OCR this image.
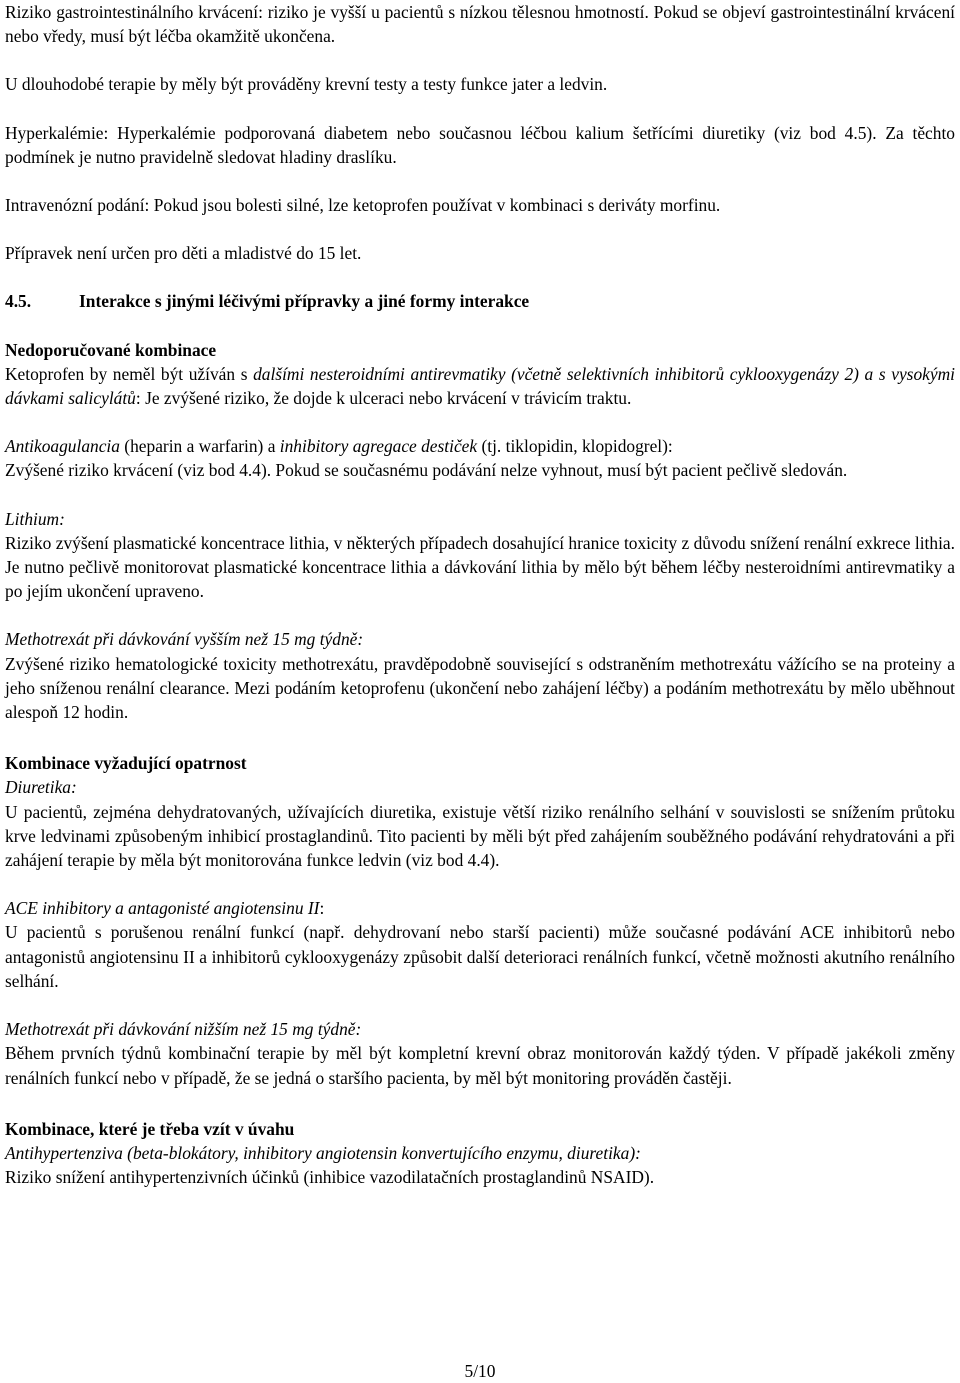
Riziko gastrointestinálního krvácení: riziko je vyšší u pacientů s nízkou tělesnou hmotností. Pokud se objeví gastrointestinální krvácení nebo vředy, musí být léčba okamžitě ukončena.

U dlouhodobé terapie by měly být prováděny krevní testy a testy funkce jater a ledvin.

Hyperkalémie: Hyperkalémie podporovaná diabetem nebo současnou léčbou kalium šetřícími diuretiky (viz bod 4.5). Za těchto podmínek je nutno pravidelně sledovat hladiny draslíku.

Intravenózní podání: Pokud jsou bolesti silné, lze ketoprofen používat v kombinaci s deriváty morfinu.

Přípravek není určen pro děti a mladistvé do 15 let.

4.5.	Interakce s jinými léčivými přípravky a jiné formy interakce

Nedoporučované kombinace

Ketoprofen by neměl být užíván s dalšími nesteroidními antirevmatiky (včetně selektivních inhibitorů cyklooxygenázy 2) a s vysokými dávkami salicylátů: Je zvýšené riziko, že dojde k ulceraci nebo krvácení v trávicím traktu.

Antikoagulancia (heparin a warfarin) a inhibitory agregace destiček (tj. tiklopidin, klopidogrel):

Zvýšené riziko krvácení (viz bod 4.4). Pokud se současnému podávání nelze vyhnout, musí být pacient pečlivě sledován.

Lithium:

Riziko zvýšení plasmatické koncentrace lithia, v některých případech dosahující hranice toxicity z důvodu snížení renální exkrece lithia. Je nutno pečlivě monitorovat plasmatické koncentrace lithia a dávkování lithia by mělo být během léčby nesteroidními antirevmatiky a po jejím ukončení upraveno.

Methotrexát při dávkování vyšším než 15 mg týdně:

Zvýšené riziko hematologické toxicity methotrexátu, pravděpodobně související s odstraněním methotrexátu vážícího se na proteiny a jeho sníženou renální clearance. Mezi podáním ketoprofenu (ukončení nebo zahájení léčby) a podáním methotrexátu by mělo uběhnout alespoň 12 hodin.

Kombinace vyžadující opatrnost

Diuretika:

U pacientů, zejména dehydratovaných, užívajících diuretika, existuje větší riziko renálního selhání v souvislosti se snížením průtoku krve ledvinami způsobeným inhibicí prostaglandinů. Tito pacienti by měli být před zahájením souběžného podávání rehydratováni a při zahájení terapie by měla být monitorována funkce ledvin (viz bod 4.4).

ACE inhibitory a antagonisté angiotensinu II:

U pacientů s porušenou renální funkcí (např. dehydrovaní nebo starší pacienti) může současné podávání ACE inhibitorů nebo antagonistů angiotensinu II a inhibitorů cyklooxygenázy způsobit další deterioraci renálních funkcí, včetně možnosti akutního renálního selhání.

Methotrexát při dávkování nižším než 15 mg týdně:

Během prvních týdnů kombinační terapie by měl být kompletní krevní obraz monitorován každý týden. V případě jakékoli změny renálních funkcí nebo v případě, že se jedná o staršího pacienta, by měl být monitoring prováděn častěji.

Kombinace, které je třeba vzít v úvahu

Antihypertenziva (beta-blokátory, inhibitory angiotensin konvertujícího enzymu, diuretika):

Riziko snížení antihypertenzivních účinků (inhibice vazodilatačních prostaglandinů NSAID).

5/10
